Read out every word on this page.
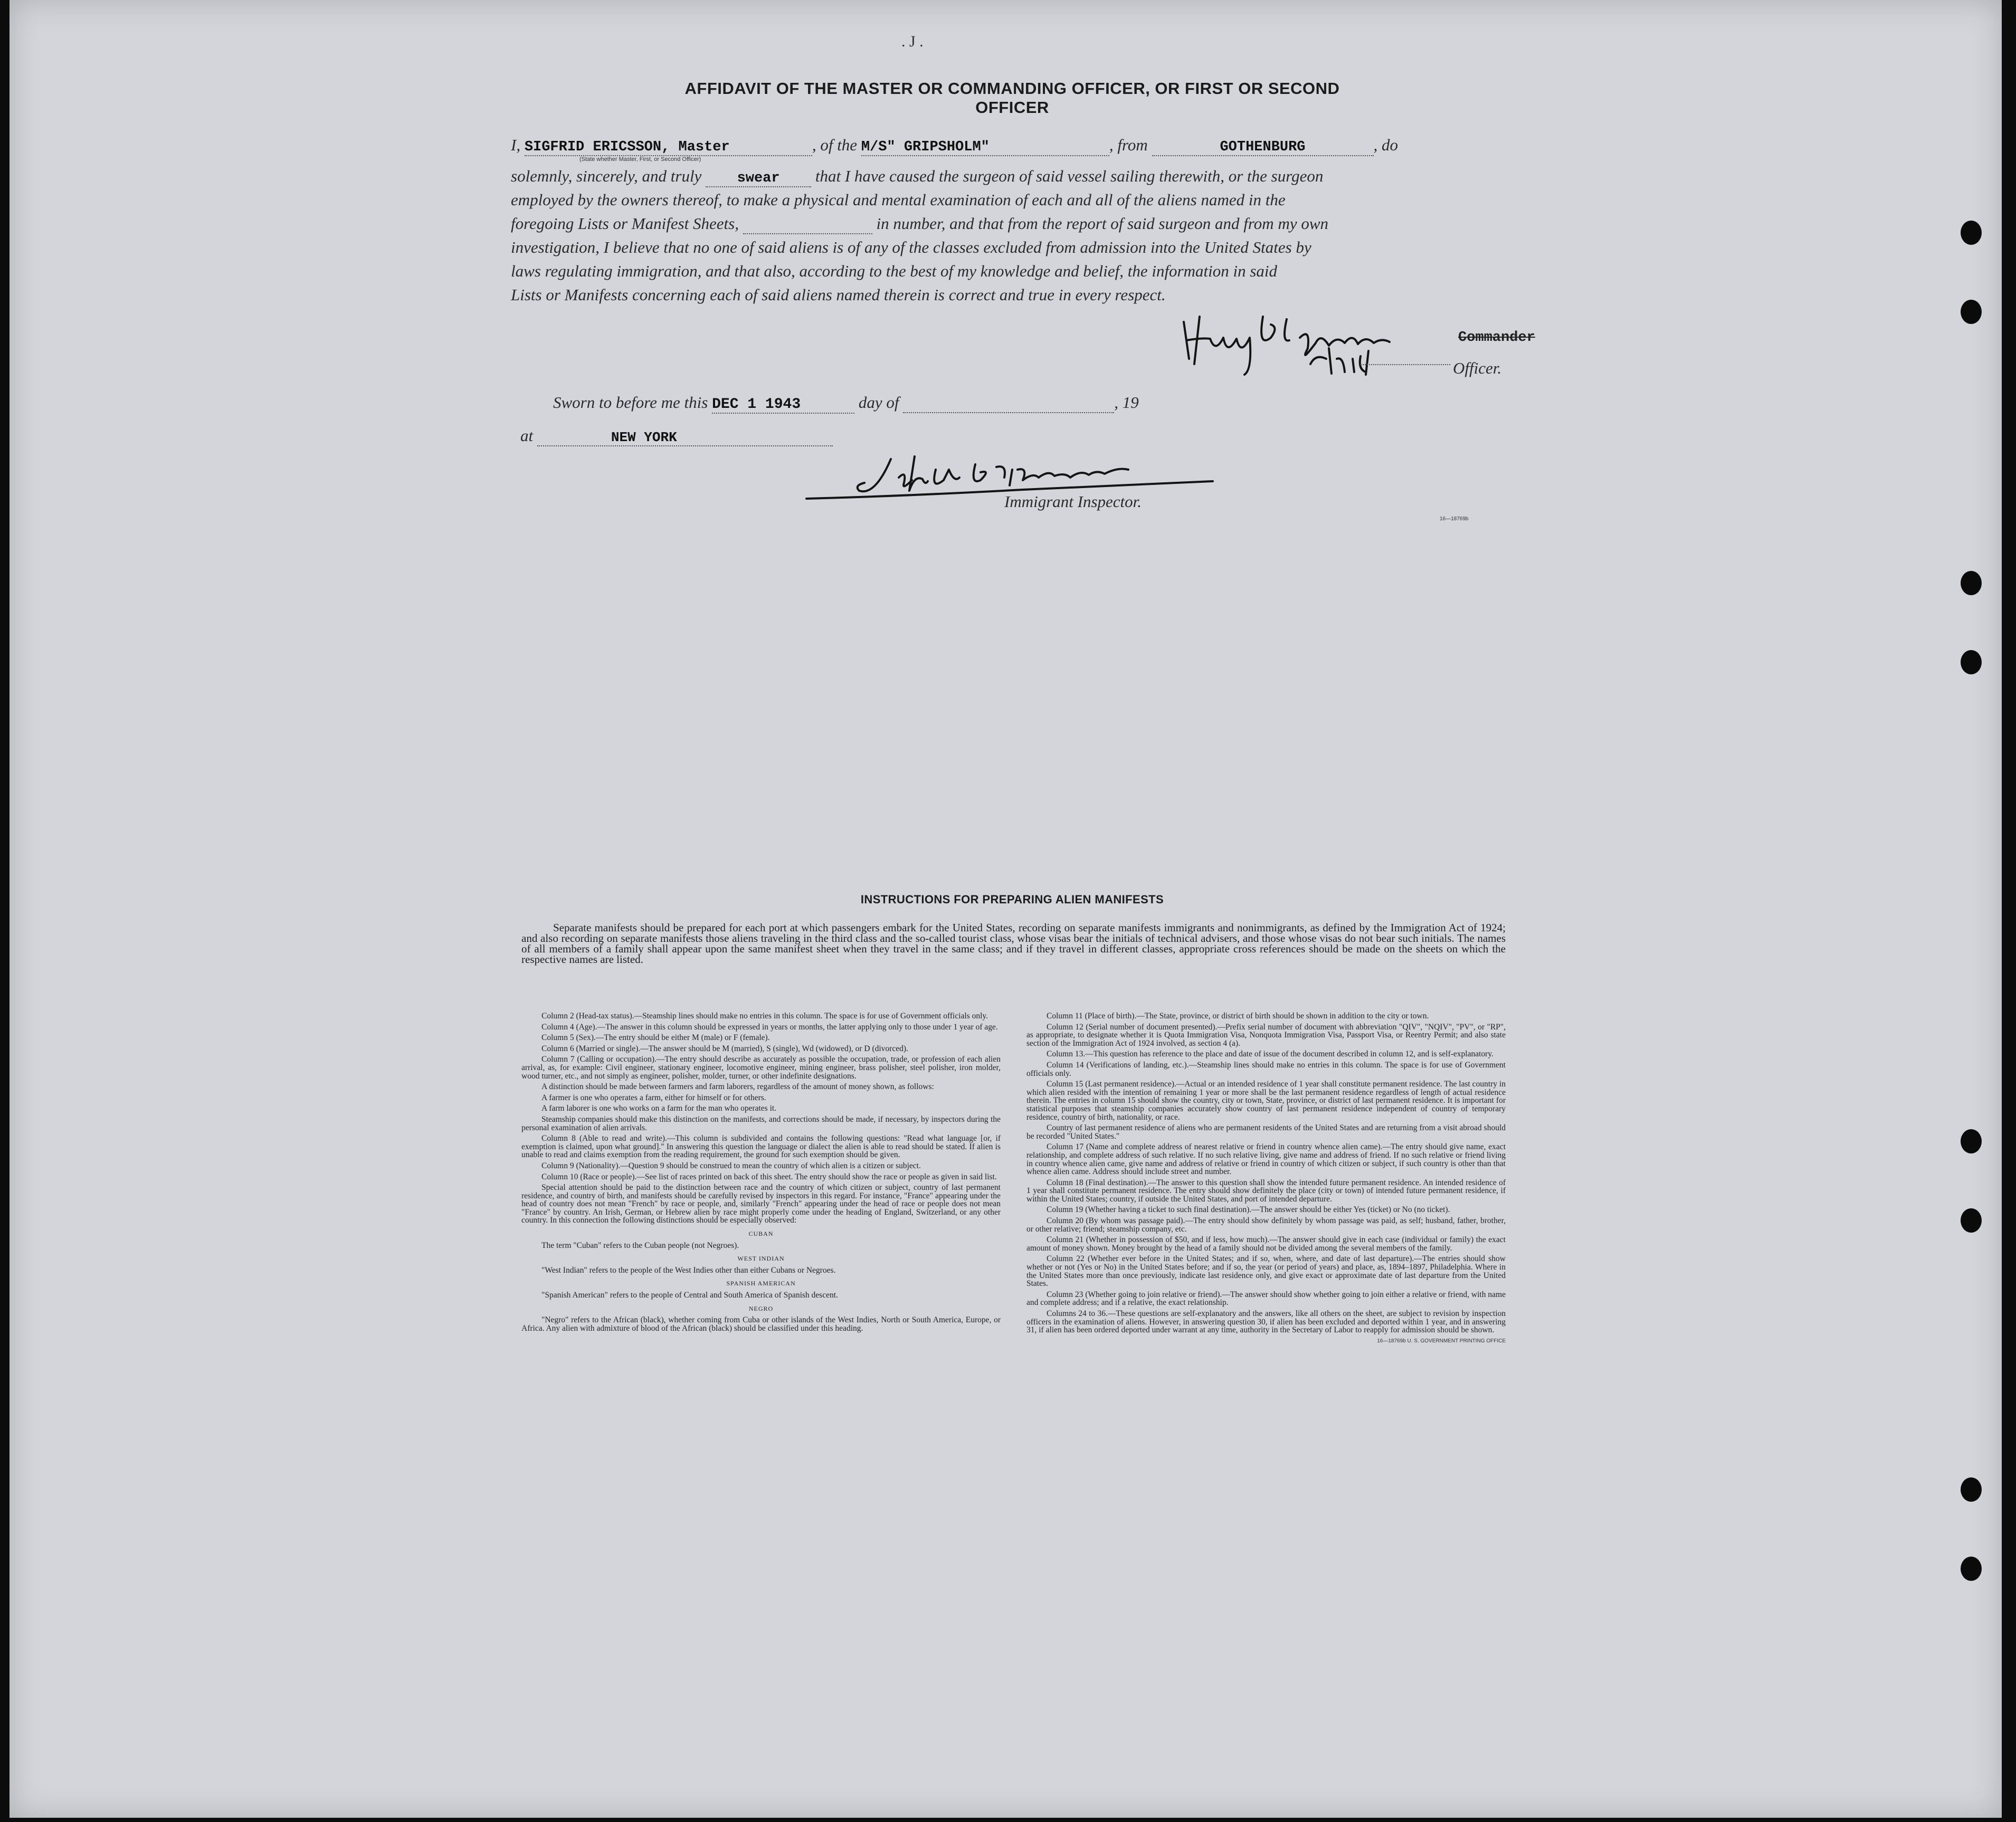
. J .
AFFIDAVIT OF THE MASTER OR COMMANDING OFFICER, OR FIRST OR SECOND OFFICER
I, SIGFRID ERICSSON, Master	, of the M/S" GRIPSHOLM"	, from	GOTHENBURG	, do
(State whether Master, First, or Second Officer)
solemnly, sincerely, and truly swear that I have caused the surgeon of said vessel sailing therewith, or the surgeon
employed by the owners thereof, to make a physical and mental examination of each and all of the aliens named in the
foregoing Lists or Manifest Sheets,	in number, and that from the report of said surgeon and from my own
investigation, I believe that no one of said aliens is of any of the classes excluded from admission into the United States by
laws regulating immigration, and that also, according to the best of my knowledge and belief, the information in said
Lists or Manifests concerning each of said aliens named therein is correct and true in every respect.
Commander
Officer.
Sworn to before me this DEC 1 1943	day of	, 19
at	NEW YORK
Immigrant Inspector.
16—18769b
INSTRUCTIONS FOR PREPARING ALIEN MANIFESTS
Separate manifests should be prepared for each port at which passengers embark for the United States, recording on separate manifests immigrants and nonimmigrants, as defined by the Immigration Act of 1924; and also recording on separate manifests those aliens traveling in the third class and the so-called tourist class, whose visas bear the initials of technical advisers, and those whose visas do not bear such initials. The names of all members of a family shall appear upon the same manifest sheet when they travel in the same class; and if they travel in different classes, appropriate cross references should be made on the sheets on which the respective names are listed.

Column 2 (Head-tax status).—Steamship lines should make no entries in this column. The space is for use of Government officials only.

Column 4 (Age).—The answer in this column should be expressed in years or months, the latter applying only to those under 1 year of age.

Column 5 (Sex).—The entry should be either M (male) or F (female).

Column 6 (Married or single).—The answer should be M (married), S (single), Wd (widowed), or D (divorced).

Column 7 (Calling or occupation).—The entry should describe as accurately as possible the occupation, trade, or profession of each alien arrival, as, for example: Civil engineer, stationary engineer, locomotive engineer, mining engineer, brass polisher, steel polisher, iron molder, wood turner, etc., and not simply as engineer, polisher, molder, turner, or other indefinite designations.

A distinction should be made between farmers and farm laborers, regardless of the amount of money shown, as follows:

A farmer is one who operates a farm, either for himself or for others.

A farm laborer is one who works on a farm for the man who operates it.

Steamship companies should make this distinction on the manifests, and corrections should be made, if necessary, by inspectors during the personal examination of alien arrivals.

Column 8 (Able to read and write).—This column is subdivided and contains the following questions: "Read what language [or, if exemption is claimed, upon what ground]." In answering this question the language or dialect the alien is able to read should be stated. If alien is unable to read and claims exemption from the reading requirement, the ground for such exemption should be given.

Column 9 (Nationality).—Question 9 should be construed to mean the country of which alien is a citizen or subject.

Column 10 (Race or people).—See list of races printed on back of this sheet. The entry should show the race or people as given in said list.

Special attention should be paid to the distinction between race and the country of which citizen or subject, country of last permanent residence, and country of birth, and manifests should be carefully revised by inspectors in this regard. For instance, "France" appearing under the head of country does not mean "French" by race or people, and, similarly "French" appearing under the head of race or people does not mean "France" by country. An Irish, German, or Hebrew alien by race might properly come under the heading of England, Switzerland, or any other country. In this connection the following distinctions should be especially observed:

CUBAN

The term "Cuban" refers to the Cuban people (not Negroes).

WEST INDIAN

"West Indian" refers to the people of the West Indies other than either Cubans or Negroes.

SPANISH AMERICAN

"Spanish American" refers to the people of Central and South America of Spanish descent.

NEGRO

"Negro" refers to the African (black), whether coming from Cuba or other islands of the West Indies, North or South America, Europe, or Africa. Any alien with admixture of blood of the African (black) should be classified under this heading.

Column 11 (Place of birth).—The State, province, or district of birth should be shown in addition to the city or town.

Column 12 (Serial number of document presented).—Prefix serial number of document with abbreviation "QIV", "NQIV", "PV", or "RP", as appropriate, to designate whether it is Quota Immigration Visa, Nonquota Immigration Visa, Passport Visa, or Reentry Permit; and also state section of the Immigration Act of 1924 involved, as section 4 (a).

Column 13.—This question has reference to the place and date of issue of the document described in column 12, and is self-explanatory.

Column 14 (Verifications of landing, etc.).—Steamship lines should make no entries in this column. The space is for use of Government officials only.

Column 15 (Last permanent residence).—Actual or an intended residence of 1 year shall constitute permanent residence. The last country in which alien resided with the intention of remaining 1 year or more shall be the last permanent residence regardless of length of actual residence therein. The entries in column 15 should show the country, city or town, State, province, or district of last permanent residence. It is important for statistical purposes that steamship companies accurately show country of last permanent residence independent of country of temporary residence, country of birth, nationality, or race.

Country of last permanent residence of aliens who are permanent residents of the United States and are returning from a visit abroad should be recorded "United States."

Column 17 (Name and complete address of nearest relative or friend in country whence alien came).—The entry should give name, exact relationship, and complete address of such relative. If no such relative living, give name and address of friend. If no such relative or friend living in country whence alien came, give name and address of relative or friend in country of which citizen or subject, if such country is other than that whence alien came. Address should include street and number.

Column 18 (Final destination).—The answer to this question shall show the intended future permanent residence. An intended residence of 1 year shall constitute permanent residence. The entry should show definitely the place (city or town) of intended future permanent residence, if within the United States; country, if outside the United States, and port of intended departure.

Column 19 (Whether having a ticket to such final destination).—The answer should be either Yes (ticket) or No (no ticket).

Column 20 (By whom was passage paid).—The entry should show definitely by whom passage was paid, as self; husband, father, brother, or other relative; friend; steamship company, etc.

Column 21 (Whether in possession of $50, and if less, how much).—The answer should give in each case (individual or family) the exact amount of money shown. Money brought by the head of a family should not be divided among the several members of the family.

Column 22 (Whether ever before in the United States; and if so, when, where, and date of last departure).—The entries should show whether or not (Yes or No) in the United States before; and if so, the year (or period of years) and place, as, 1894–1897, Philadelphia. Where in the United States more than once previously, indicate last residence only, and give exact or approximate date of last departure from the United States.

Column 23 (Whether going to join relative or friend).—The answer should show whether going to join either a relative or friend, with name and complete address; and if a relative, the exact relationship.

Columns 24 to 36.—These questions are self-explanatory and the answers, like all others on the sheet, are subject to revision by inspection officers in the examination of aliens. However, in answering question 30, if alien has been excluded and deported within 1 year, and in answering 31, if alien has been ordered deported under warrant at any time, authority in the Secretary of Labor to reapply for admission should be shown.

16—18769b U. S. GOVERNMENT PRINTING OFFICE
